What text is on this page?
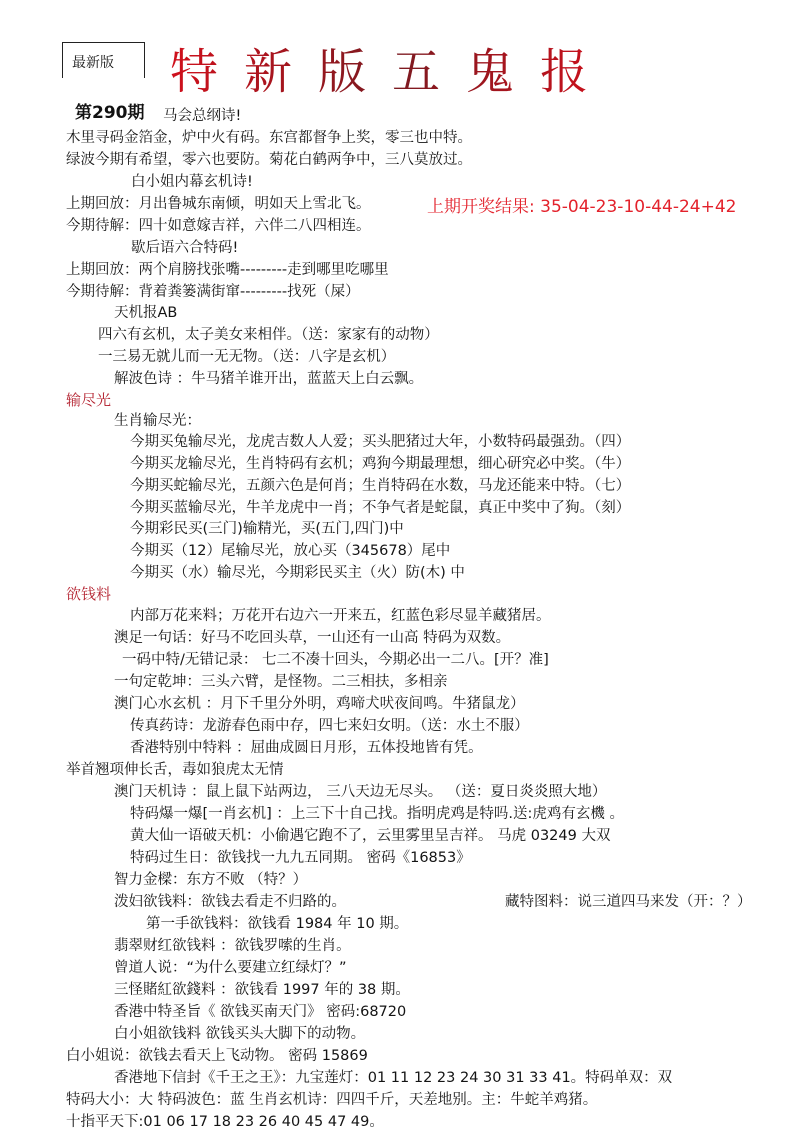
最新版 特新版五鬼报
第290期 马会总纲诗!
木里寻码金箔金，炉中火有码。东宫都督争上奖，零三也中特。
绿波今期有希望，零六也要防。菊花白鹤两争中，三八莫放过。
白小姐内幕玄机诗!
上期回放：月出鲁城东南倾，明如天上雪北飞。
今期待解：四十如意嫁吉祥，六伴二八四相连。
上期开奖结果: 35-04-23-10-44-24+42
歇后语六合特码!
上期回放：两个肩膀找张嘴---------走到哪里吃哪里
今期待解：背着粪篓满街窜---------找死（屎）
天机报AB
四六有玄机，太子美女来相伴。（送：家家有的动物）
一三易无就儿而一无无物。（送：八字是玄机）
解波色诗 ：牛马猪羊谁开出，蓝蓝天上白云飘。
输尽光
生肖输尽光：
今期买兔输尽光，龙虎吉数人人爱；买头肥猪过大年，小数特码最强劲。（四）
今期买龙输尽光，生肖特码有玄机；鸡狗今期最理想，细心研究必中奖。（牛）
今期买蛇输尽光，五颜六色是何肖；生肖特码在水数，马龙还能来中特。（七）
今期买蓝输尽光，牛羊龙虎中一肖；不争气者是蛇鼠，真正中奖中了狗。（刻）
今期彩民买(三门)输精光，买(五门,四门)中
今期买（12）尾输尽光，放心买（345678）尾中
今期买（水）输尽光，今期彩民买主（火）防(木) 中
欲钱料
内部万花来料；万花开右边六一开来五，红蓝色彩尽显羊藏猪居。
澳足一句话：好马不吃回头草，一山还有一山高 特码为双数。
一码中特/无错记录： 七二不凑十回头，今期必出一二八。[开？准]
一句定乾坤：三头六臂，是怪物。二三相扶，多相亲
澳门心水玄机 ：月下千里分外明，鸡啼犬吠夜间鸣。牛猪鼠龙）
传真药诗：龙游春色雨中存，四七来妇女明。（送：水土不服）
香港特别中特料 ：屈曲成圆日月形，五体投地皆有凭。
举首翘项伸长舌，毒如狼虎太无情
澳门天机诗 ：鼠上鼠下站两边， 三八天边无尽头。 （送：夏日炎炎照大地）
特码爆一爆[一肖玄机] ：上三下十自己找。指明虎鸡是特吗.送:虎鸡有玄機 。
黄大仙一语破天机：小偷遇它跑不了，云里雾里呈吉祥。 马虎 03249 大双
特码过生日：欲钱找一九九五同期。 密码《16853》
智力金樑：东方不败 （特？）
泼妇欲钱料：欲钱去看走不归路的。	藏特图料：说三道四马来发（开：？）
第一手欲钱料：欲钱看 1984 年 10 期。
翡翠财红欲钱料 ：欲钱罗嗦的生肖。
曾道人说：“为什么要建立红绿灯？”
三怪賭紅欲錢料 ：欲钱看 1997 年的 38 期。
香港中特圣旨《 欲钱买南天门》 密码:68720
白小姐欲钱料 欲钱买头大脚下的动物。
白小姐说：欲钱去看天上飞动物。 密码 15869
香港地下信封《千王之王》：九宝莲灯：01 11 12 23 24 30 31 33 41。特码单双：双
特码大小：大 特码波色：蓝 生肖玄机诗：四四千斤，天差地别。主：牛蛇羊鸡猪。
十指平天下:01 06 17 18 23 26 40 45 47 49。
